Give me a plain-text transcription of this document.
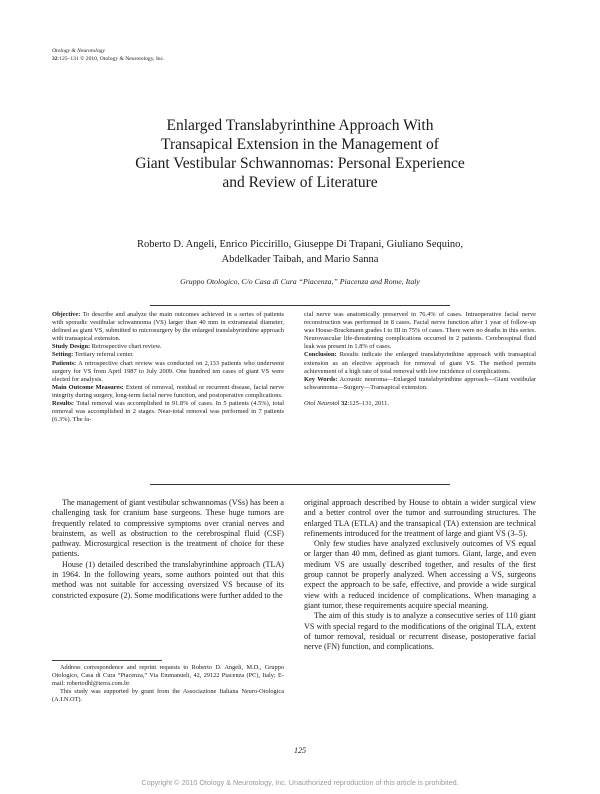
Otology & Neurotology
32:125–131 © 2010, Otology & Neurotology, Inc.
Enlarged Translabyrinthine Approach With
Transapical Extension in the Management of
Giant Vestibular Schwannomas: Personal Experience
and Review of Literature
Roberto D. Angeli, Enrico Piccirillo, Giuseppe Di Trapani, Giuliano Sequino,
Abdelkader Taibah, and Mario Sanna
Gruppo Otologico, C/o Casa di Cura “Piacenza,” Piacenza and Rome, Italy

Objective: To describe and analyze the main outcomes achieved in a series of patients with sporadic vestibular schwannoma (VS) larger than 40 mm in extrameatal diameter, defined as giant VS, submitted to microsurgery by the enlarged translabyrinthine approach with transapical extension.

Study Design: Retrospective chart review.

Setting: Tertiary referral center.

Patients: A retrospective chart review was conducted on 2,133 patients who underwent surgery for VS from April 1987 to July 2009. One hundred ten cases of giant VS were elected for analysis.

Main Outcome Measures: Extent of removal, residual or recurrent disease, facial nerve integrity during surgery, long-term facial nerve function, and postoperative complications.

Results: Total removal was accomplished in 91.8% of cases. In 5 patients (4.5%), total removal was accomplished in 2 stages. Near-total removal was performed in 7 patients (6.3%). The fa-

cial nerve was anatomically preserved in 76.4% of cases. Intraoperative facial nerve reconstruction was performed in 8 cases. Facial nerve function after 1 year of follow-up was House-Brackmann grades I to III in 75% of cases. There were no deaths in this series. Neurovascular life-threatening complications occurred in 2 patients. Cerebrospinal fluid leak was present in 1.8% of cases.

Conclusion: Results indicate the enlarged translabyrinthine approach with transapical extension as an elective approach for removal of giant VS. The method permits achievement of a high rate of total removal with low incidence of complications.

Key Words: Acoustic neuroma—Enlarged translabyrinthine approach—Giant vestibular schwannoma—Surgery—Transapical extension.

Otol Neurotol 32:125–131, 2011.

The management of giant vestibular schwannomas (VSs) has been a challenging task for cranium base surgeons. These huge tumors are frequently related to compressive symptoms over cranial nerves and brainstem, as well as obstruction to the cerebrospinal fluid (CSF) pathway. Microsurgical resection is the treatment of choice for these patients.

House (1) detailed described the translabyrinthine approach (TLA) in 1964. In the following years, some authors pointed out that this method was not suitable for accessing oversized VS because of its constricted exposure (2). Some modifications were further added to the

original approach described by House to obtain a wider surgical view and a better control over the tumor and surrounding structures. The enlarged TLA (ETLA) and the transapical (TA) extension are technical refinements introduced for the treatment of large and giant VS (3–5).

Only few studies have analyzed exclusively outcomes of VS equal or larger than 40 mm, defined as giant tumors. Giant, large, and even medium VS are usually described together, and results of the first group cannot be properly analyzed. When accessing a VS, surgeons expect the approach to be safe, effective, and provide a wide surgical view with a reduced incidence of complications. When managing a giant tumor, these requirements acquire special meaning.

The aim of this study is to analyze a consecutive series of 110 giant VS with special regard to the modifications of the original TLA, extent of tumor removal, residual or recurrent disease, postoperative facial nerve (FN) function, and complications.

Address correspondence and reprint requests to Roberto D. Angeli, M.D., Gruppo Otologico, Casa di Cura “Piacenza,” Via Emmanueli, 42, 29122 Piacenza (PC), Italy; E-mail: robertodhl@terra.com.br

This study was supported by grant from the Associazione Italiana Neuro-Otologica (A.I.N.OT).

125
Copyright © 2010 Otology & Neurotology, Inc. Unauthorized reproduction of this article is prohibited.
